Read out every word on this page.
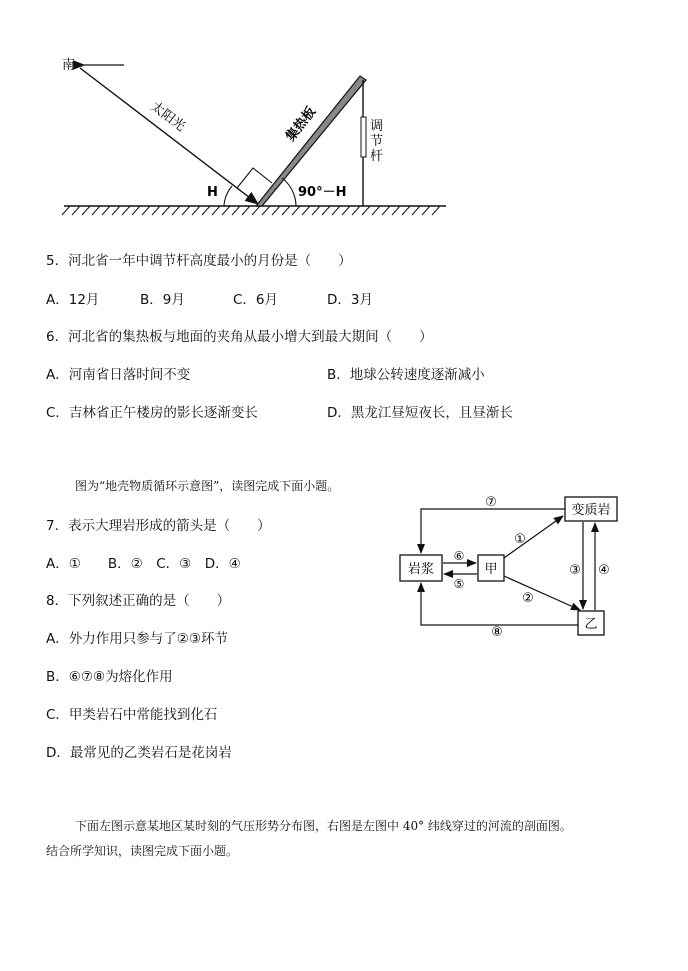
南
太阳光	集热板	调
节
杆
H	90°－H
5．河北省一年中调节杆高度最小的月份是（　　）
A．12月	B．9月	C．6月	D．3月
6．河北省的集热板与地面的夹角从最小增大到最大期间（　　）
A．河南省日落时间不变	B．地球公转速度逐渐减小
C．吉林省正午楼房的影长逐渐变长	D．黑龙江昼短夜长，且昼渐长
图为“地壳物质循环示意图”，读图完成下面小题。
7．表示大理岩形成的箭头是（　　）
A．①　　B．②　C．③　D．④
8．下列叙述正确的是（　　）
A．外力作用只参与了②③环节
B．⑥⑦⑧为熔化作用
C．甲类岩石中常能找到化石
D．最常见的乙类岩石是花岗岩
岩浆	甲
变质岩
乙
⑦
⑥
⑤
①
②
③ ④
⑧
下面左图示意某地区某时刻的气压形势分布图，右图是左图中 40° 纬线穿过的河流的剖面图。
结合所学知识，读图完成下面小题。
